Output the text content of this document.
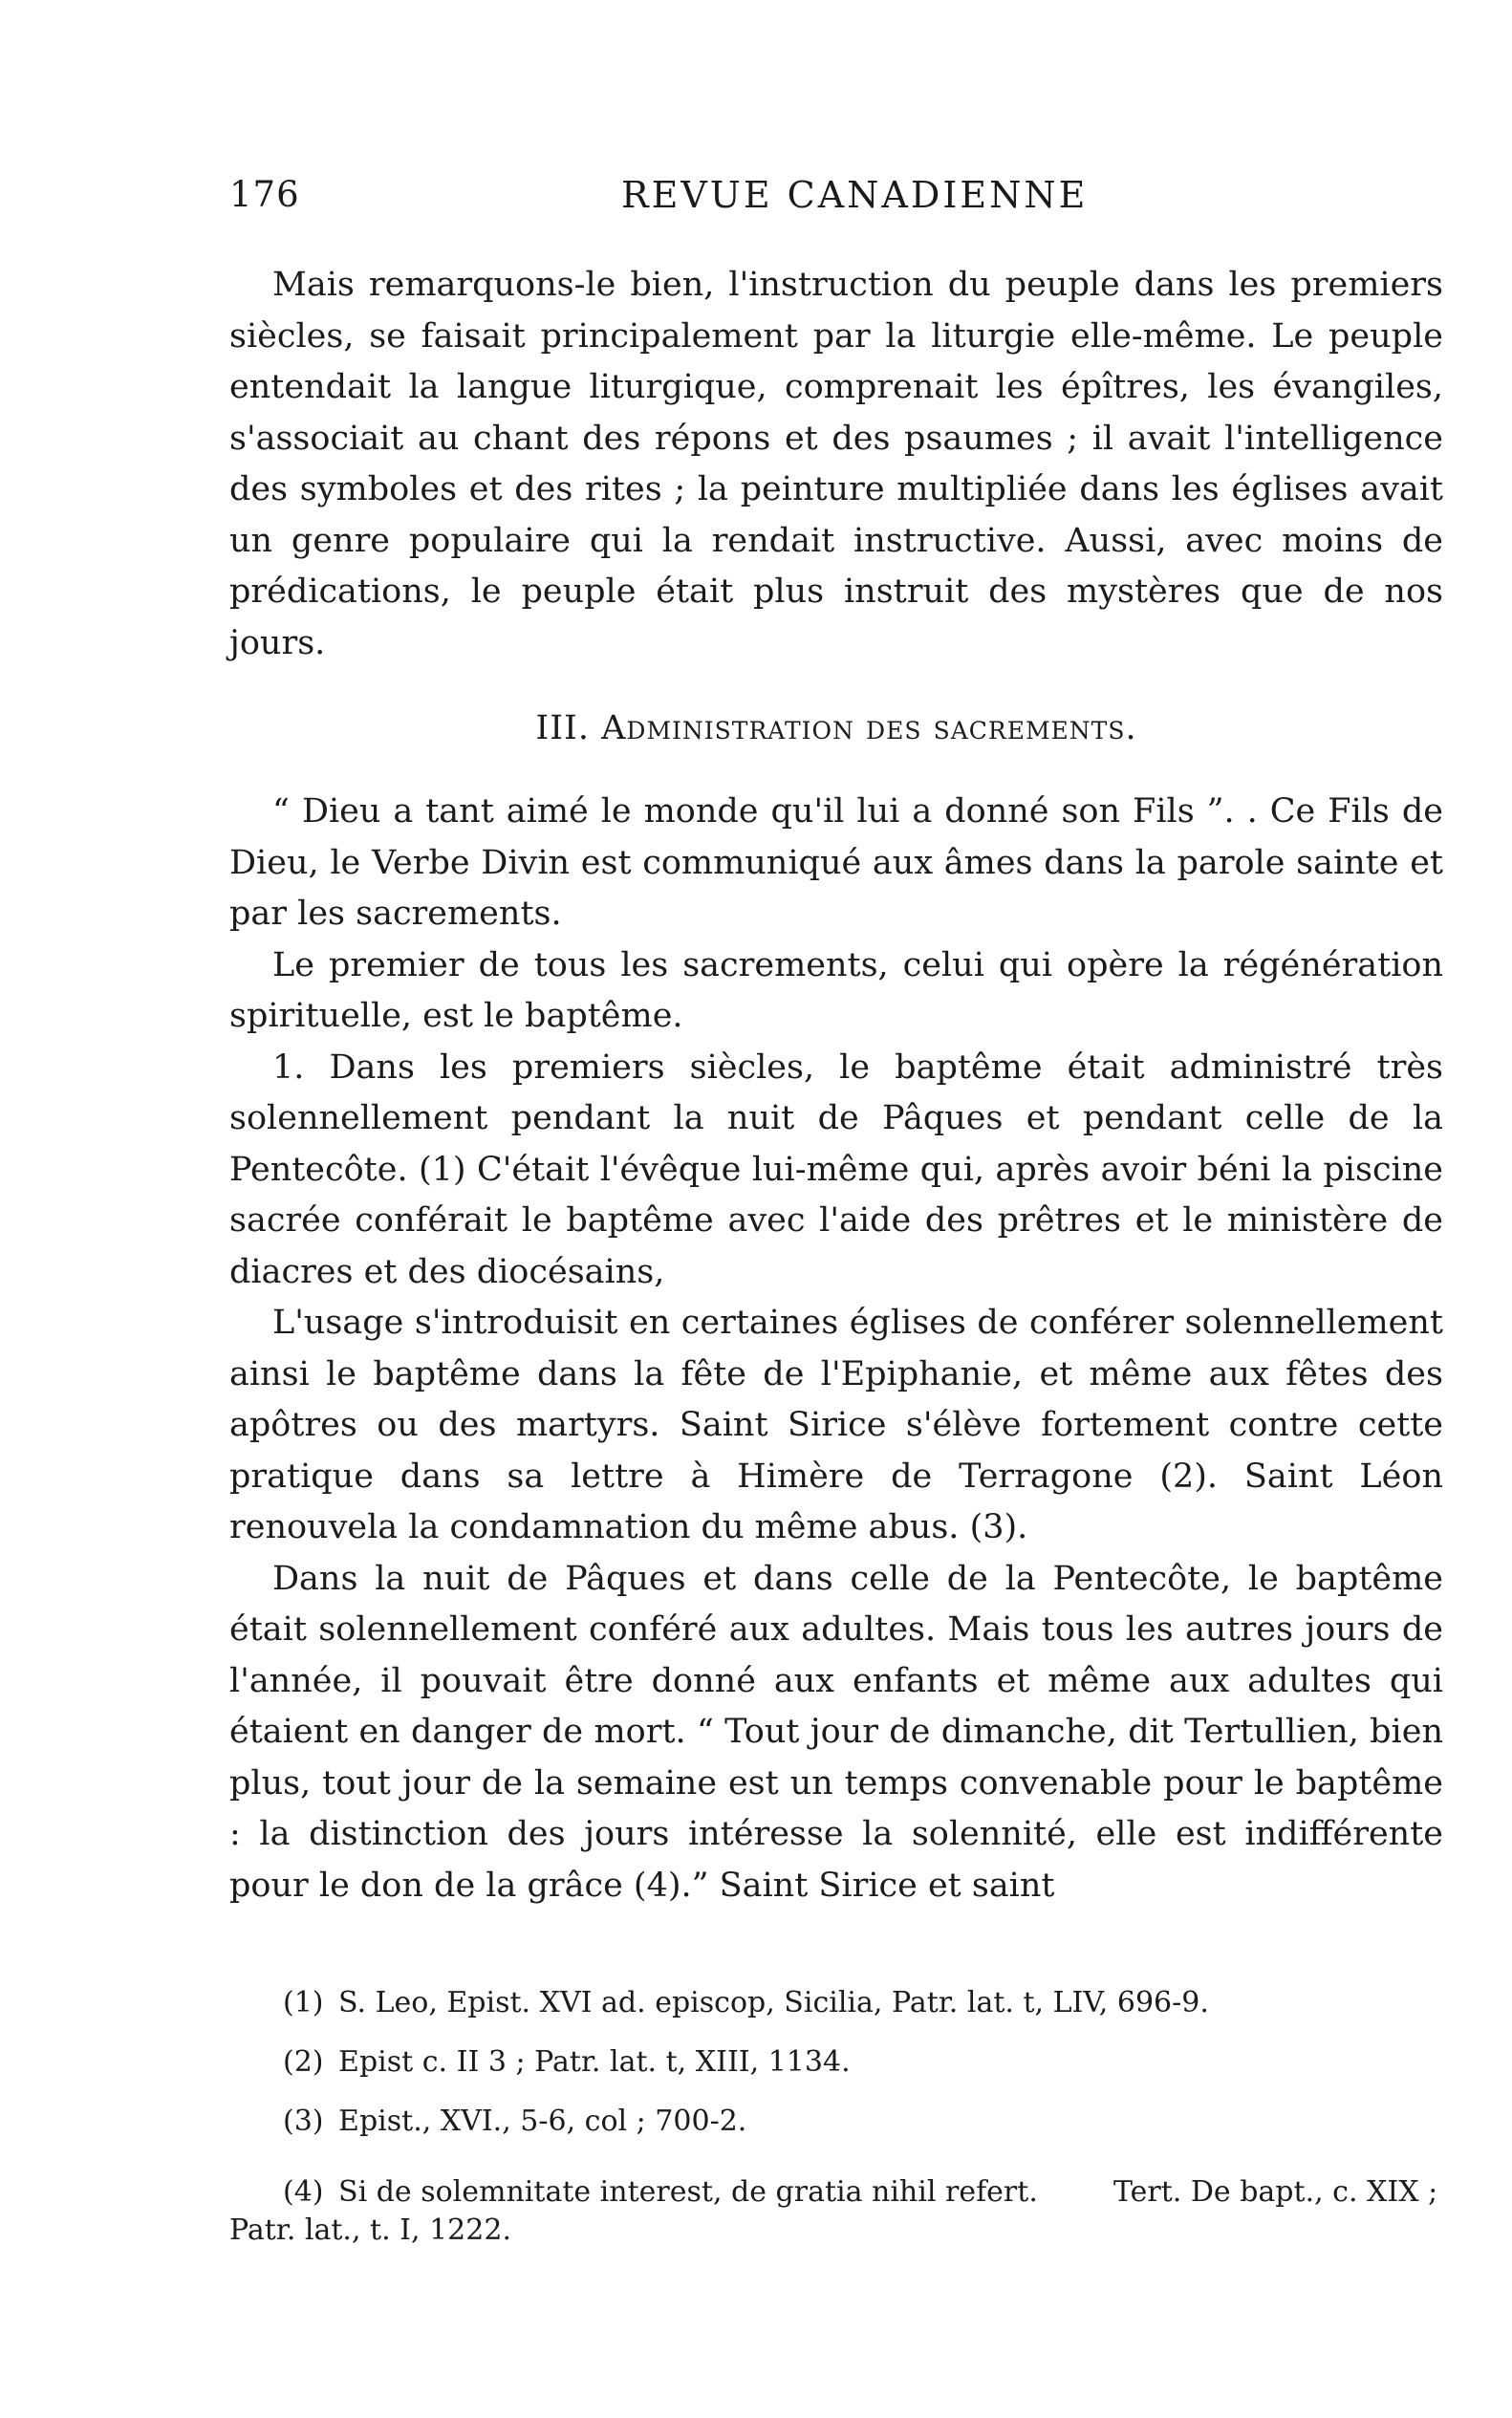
176	REVUE CANADIENNE

Mais remarquons-le bien, l'instruction du peuple dans les premiers siècles, se faisait principalement par la liturgie elle-même. Le peuple entendait la langue liturgique, comprenait les épîtres, les évangiles, s'associait au chant des répons et des psaumes ; il avait l'intelligence des symboles et des rites ; la peinture multipliée dans les églises avait un genre populaire qui la rendait instructive. Aussi, avec moins de prédications, le peuple était plus instruit des mystères que de nos jours.

III. Administration des sacrements.

“ Dieu a tant aimé le monde qu'il lui a donné son Fils ”. . Ce Fils de Dieu, le Verbe Divin est communiqué aux âmes dans la parole sainte et par les sacrements.

Le premier de tous les sacrements, celui qui opère la régénération spirituelle, est le baptême.

1. Dans les premiers siècles, le baptême était administré très solennellement pendant la nuit de Pâques et pendant celle de la Pentecôte. (1) C'était l'évêque lui-même qui, après avoir béni la piscine sacrée conférait le baptême avec l'aide des prêtres et le ministère de diacres et des diocésains,

L'usage s'introduisit en certaines églises de conférer solennellement ainsi le baptême dans la fête de l'Epiphanie, et même aux fêtes des apôtres ou des martyrs. Saint Sirice s'élève fortement contre cette pratique dans sa lettre à Himère de Terragone (2). Saint Léon renouvela la condamnation du même abus. (3).

Dans la nuit de Pâques et dans celle de la Pentecôte, le baptême était solennellement conféré aux adultes. Mais tous les autres jours de l'année, il pouvait être donné aux enfants et même aux adultes qui étaient en danger de mort. “ Tout jour de dimanche, dit Tertullien, bien plus, tout jour de la semaine est un temps convenable pour le baptême : la distinction des jours intéresse la solennité, elle est indifférente pour le don de la grâce (4).” Saint Sirice et saint

(1) S. Leo, Epist. XVI ad. episcop, Sicilia, Patr. lat. t, LIV, 696-9.

(2) Epist c. II 3 ; Patr. lat. t, XIII, 1134.

(3) Epist., XVI., 5-6, col ; 700-2.

(4) Si de solemnitate interest, de gratia nihil refert.	Tert. De bapt., c. XIX ; Patr. lat., t. I, 1222.
